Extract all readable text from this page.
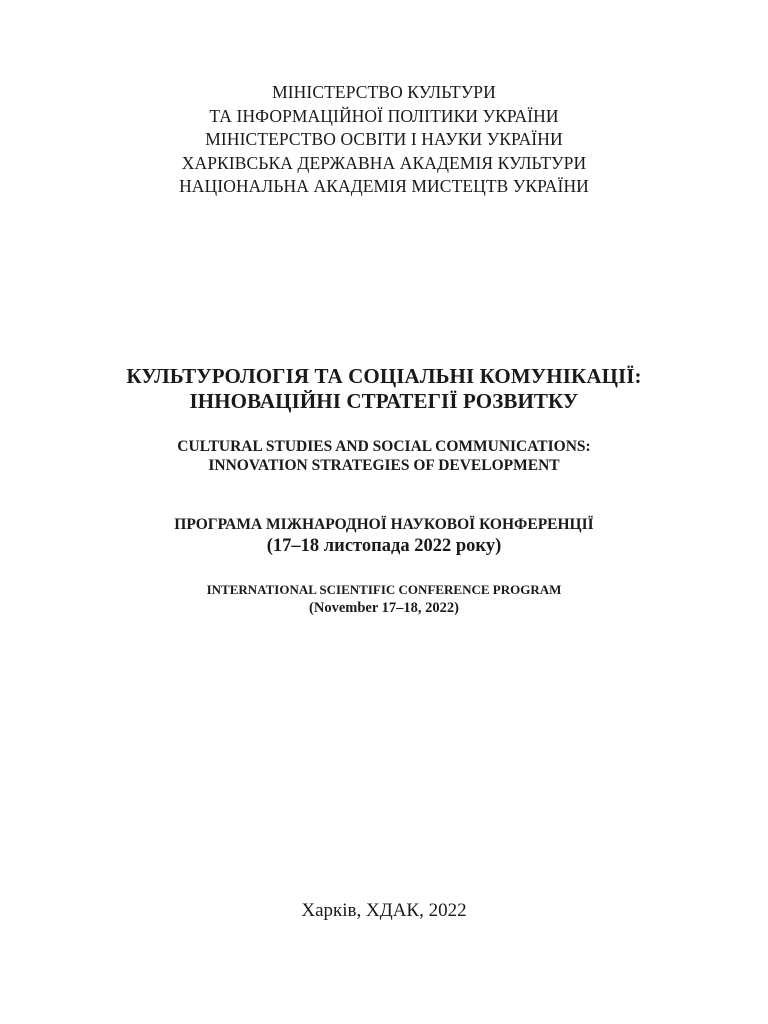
МІНІСТЕРСТВО КУЛЬТУРИ
ТА ІНФОРМАЦІЙНОЇ ПОЛІТИКИ УКРАЇНИ
МІНІСТЕРСТВО ОСВІТИ І НАУКИ УКРАЇНИ
ХАРКІВСЬКА ДЕРЖАВНА АКАДЕМІЯ КУЛЬТУРИ
НАЦІОНАЛЬНА АКАДЕМІЯ МИСТЕЦТВ УКРАЇНИ
КУЛЬТУРОЛОГІЯ ТА СОЦІАЛЬНІ КОМУНІКАЦІЇ:
ІННОВАЦІЙНІ СТРАТЕГІЇ РОЗВИТКУ
CULTURAL STUDIES AND SOCIAL COMMUNICATIONS:
INNOVATION STRATEGIES OF DEVELOPMENT
ПРОГРАМА МІЖНАРОДНОЇ НАУКОВОЇ КОНФЕРЕНЦІЇ
(17–18 листопада 2022 року)
INTERNATIONAL SCIENTIFIC CONFERENCE PROGRAM
(November 17–18, 2022)
Харків, ХДАК, 2022
